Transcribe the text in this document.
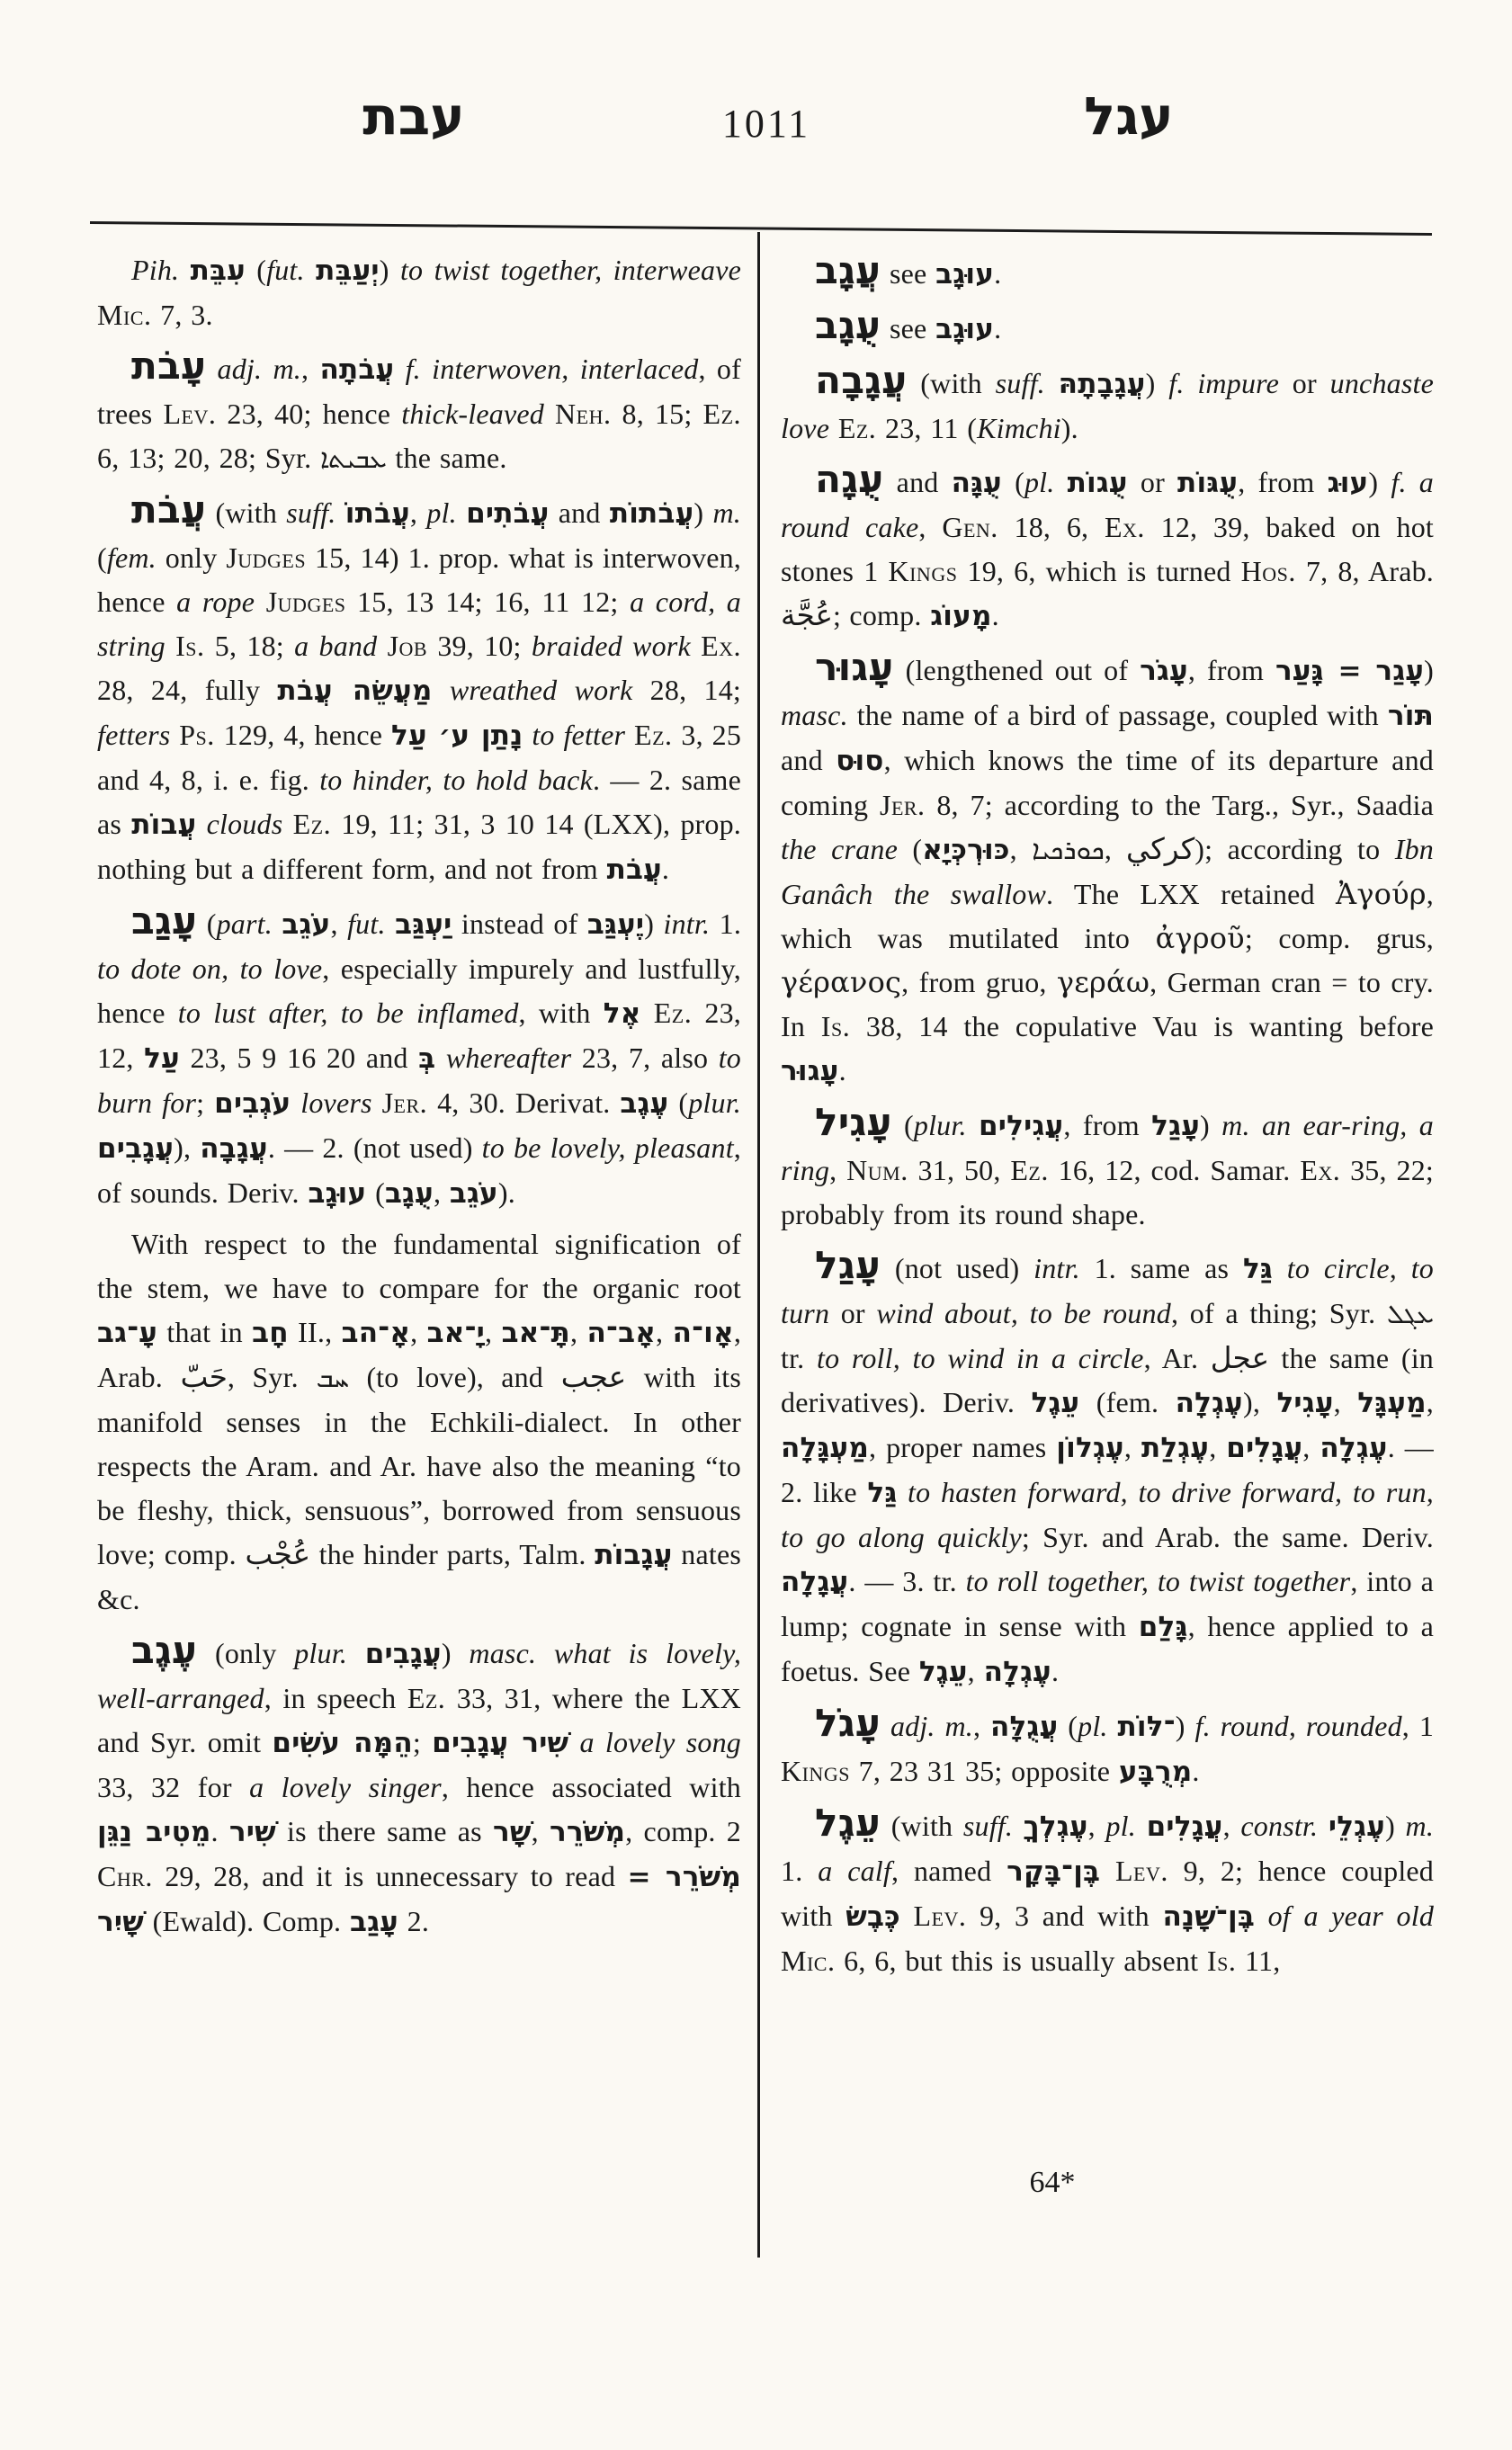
עבת	1011	עגל

Pih. עִבֵּת (fut. יְעַבֵּת) to twist together, interweave Mic. 7, 3.

עָבֹת adj. m., עֲבֹתָה f. interwoven, interlaced, of trees Lev. 23, 40; hence thick-leaved Neh. 8, 15; Ez. 6, 13; 20, 28; Syr. ܥܒܝܬܐ the same.

עֲבֹת (with suff. עֲבֹתוֹ, pl. עֲבֹתִים and עֲבֹתוֹת) m. (fem. only Judges 15, 14) 1. prop. what is interwoven, hence a rope Judges 15, 13 14; 16, 11 12; a cord, a string Is. 5, 18; a band Job 39, 10; braided work Ex. 28, 24, fully מַעֲשֵׂה עֲבֹת wreathed work 28, 14; fetters Ps. 129, 4, hence נָתַן ע׳ עַל to fetter Ez. 3, 25 and 4, 8, i. e. fig. to hinder, to hold back. — 2. same as עֲבוֹת clouds Ez. 19, 11; 31, 3 10 14 (LXX), prop. nothing but a different form, and not from עֲבֹת.

עָגַב (part. עֹגֵב, fut. יַעְגַּב instead of יֶעְגַּב) intr. 1. to dote on, to love, especially impurely and lustfully, hence to lust after, to be inflamed, with אֶל Ez. 23, 12, עַל 23, 5 9 16 20 and בְּ whereafter 23, 7, also to burn for; עֹגְבִים lovers Jer. 4, 30. Derivat. עֶגֶב (plur. עֲגָבִים), עֲגָבָה. — 2. (not used) to be lovely, pleasant, of sounds. Deriv. עוּגָב (עֻגָב, עֹגֵב).

With respect to the fundamental signification of the stem, we have to compare for the organic root עָ־גב that in חָב II., אָ־הב, יָ־אב, תָּ־אב, אָב־ה, אָו־ה, Arab. حَبّ, Syr. ܚܒ (to love), and عجب with its manifold senses in the Echkili-dialect. In other respects the Aram. and Ar. have also the meaning “to be fleshy, thick, sensuous”, borrowed from sensuous love; comp. عُجْب the hinder parts, Talm. עֲגָבוֹת nates &c.

עֶגֶב (only plur. עֲגָבִים) masc. what is lovely, well-arranged, in speech Ez. 33, 31, where the LXX and Syr. omit הֵמָּה עֹשִׂים; שִׁיר עֲגָבִים a lovely song 33, 32 for a lovely singer, hence associated with מֵטִיב נַגֵּן. שִׁיר is there same as שָׁר, מְשֹׁרֵר, comp. 2 Chr. 29, 28, and it is unnecessary to read מְשֹׁרֵר = שָׁיִר (Ewald). Comp. עָגַב 2.

עֲגָב see עוּגָב.

עֻגָב see עוּגָב.

עֲגָבָה (with suff. עֲגָבָתָהּ) f. impure or unchaste love Ez. 23, 11 (Kimchi).

עֻגָה and עֻגָּה (pl. עֻגוֹת or עֻגּוֹת, from עוּג) f. a round cake, Gen. 18, 6, Ex. 12, 39, baked on hot stones 1 Kings 19, 6, which is turned Hos. 7, 8, Arab. عُجَّة; comp. מָעוֹג.

עָגוּר (lengthened out of עָגֹר, from עָגַר = גָּעַר) masc. the name of a bird of passage, coupled with תּוֹר and סוּס, which knows the time of its departure and coming Jer. 8, 7; according to the Targ., Syr., Saadia the crane (כּוּרְכְּיָא, ܟܘܪܟܝܐ, كركي); according to Ibn Ganâch the swallow. The LXX retained Ἀγούρ, which was mutilated into ἀγροῦ; comp. grus, γέρανος, from gruo, γεράω, German cran = to cry. In Is. 38, 14 the copulative Vau is wanting before עָגוּר.

עָגִיל (plur. עֲגִילִים, from עָגַל) m. an ear-ring, a ring, Num. 31, 50, Ez. 16, 12, cod. Samar. Ex. 35, 22; probably from its round shape.

עָגַל (not used) intr. 1. same as גַּל to circle, to turn or wind about, to be round, of a thing; Syr. ܥܓܠ tr. to roll, to wind in a circle, Ar. عجل the same (in derivatives). Deriv. עֵגֶל (fem. עֶגְלָה), עָגִיל, מַעְגָּל, מַעְגָּלָה, proper names עֶגְלוֹן, עֶגְלַת, עֲגָלִים, עֶגְלָה. — 2. like גַּל to hasten forward, to drive forward, to run, to go along quickly; Syr. and Arab. the same. Deriv. עֲגָלָה. — 3. tr. to roll together, to twist together, into a lump; cognate in sense with גָּלַם, hence applied to a foetus. See עֵגֶל, עֶגְלָה.

עָגֹל adj. m., עֲגֻלָּה (pl. ־לּוֹת) f. round, rounded, 1 Kings 7, 23 31 35; opposite מְרֻבָּע.

עֵגֶל (with suff. עֶגְלְךָ, pl. עֲגָלִים, constr. עֶגְלֵי) m. 1. a calf, named בֶּן־בָּקָר Lev. 9, 2; hence coupled with כֶּבֶשׂ Lev. 9, 3 and with בֶּן־שָׁנָה of a year old Mic. 6, 6, but this is usually absent Is. 11,

64*
